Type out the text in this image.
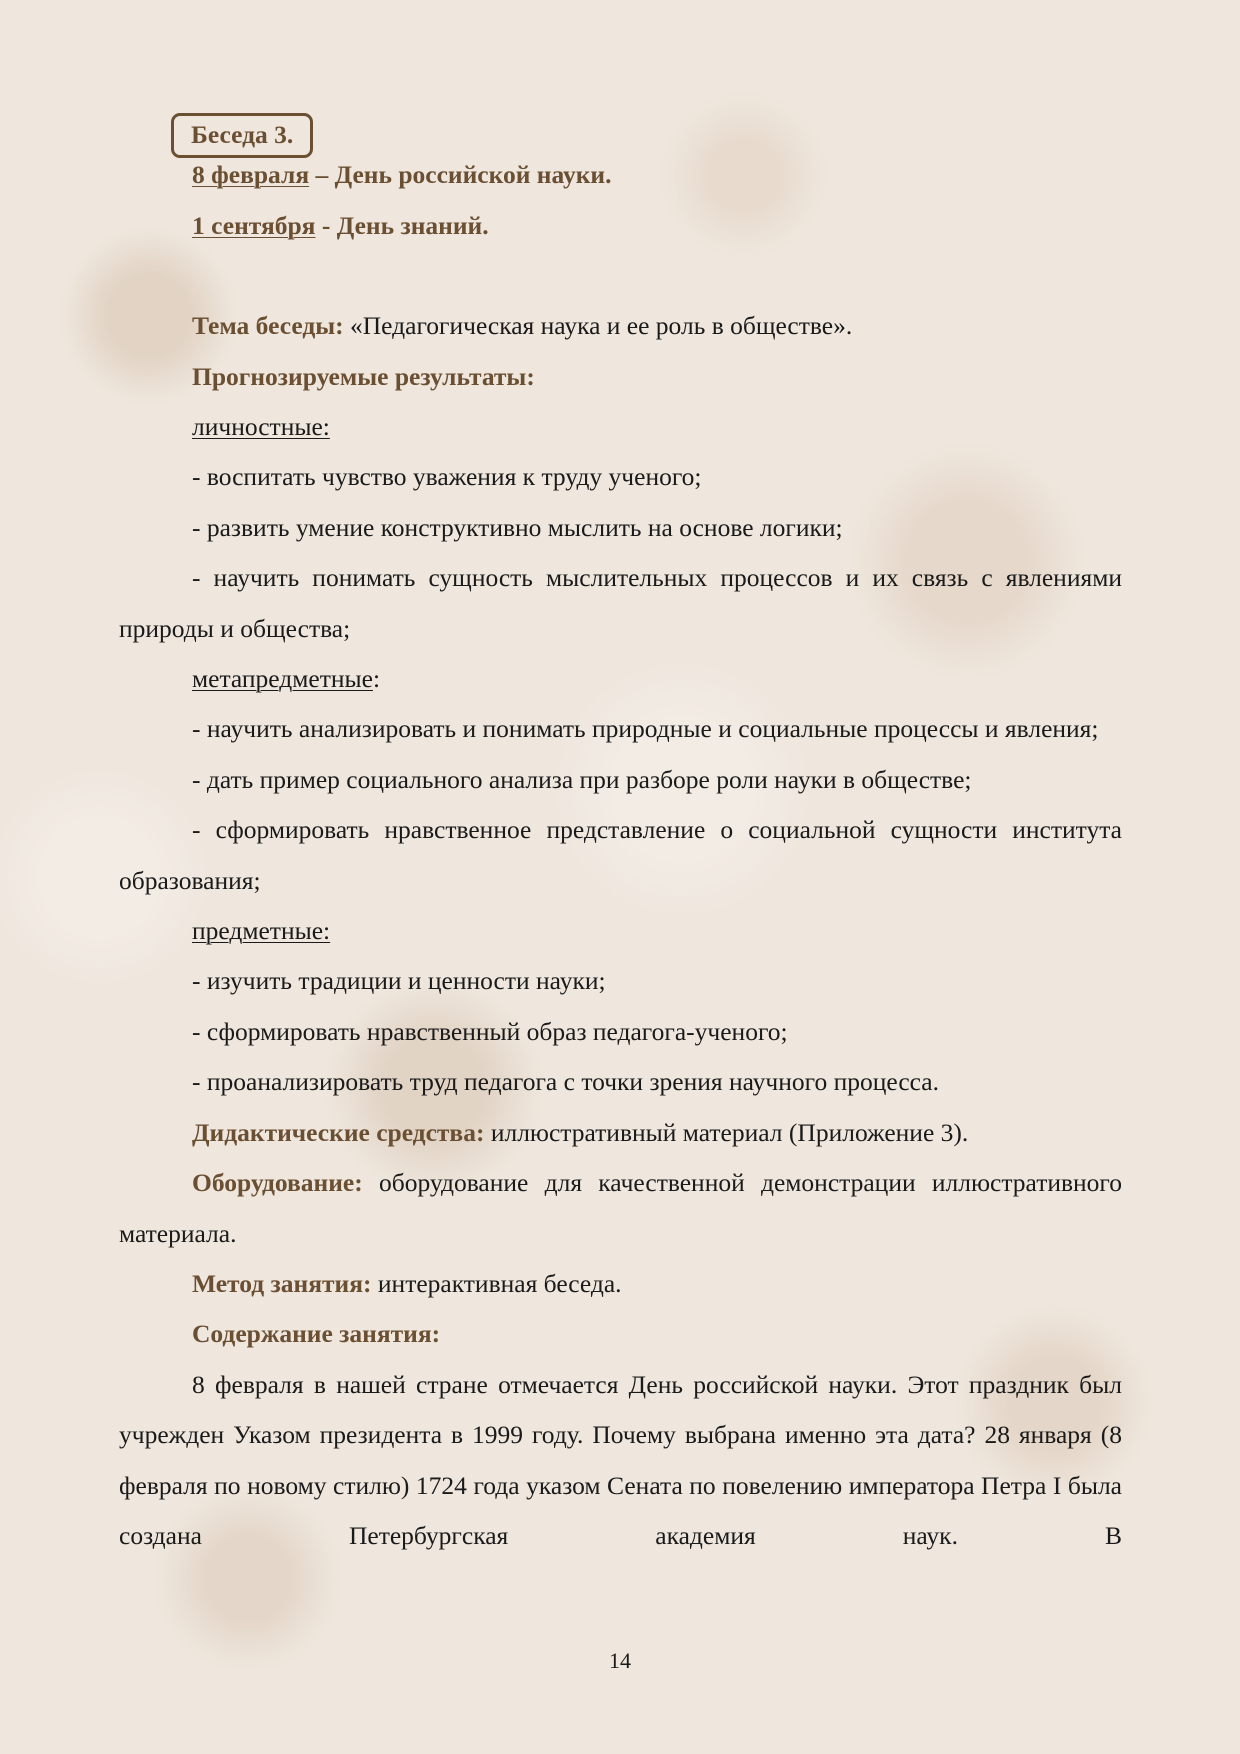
Беседа 3.

8 февраля – День российской науки.

1 сентября - День знаний.

Тема беседы: «Педагогическая наука и ее роль в обществе».

Прогнозируемые результаты:

личностные:

- воспитать чувство уважения к труду ученого;

- развить умение конструктивно мыслить на основе логики;

- научить понимать сущность мыслительных процессов и их связь с явлениями природы и общества;

метапредметные:

- научить анализировать и понимать природные и социальные процессы и явления;

- дать пример социального анализа при разборе роли науки в обществе;

- сформировать нравственное представление о социальной сущности института образования;

предметные:

- изучить традиции и ценности науки;

- сформировать нравственный образ педагога-ученого;

- проанализировать труд педагога с точки зрения научного процесса.

Дидактические средства: иллюстративный материал (Приложение 3).

Оборудование: оборудование для качественной демонстрации иллюстративного материала.

Метод занятия: интерактивная беседа.

Содержание занятия:

8 февраля в нашей стране отмечается День российской науки. Этот праздник был учрежден Указом президента в 1999 году. Почему выбрана именно эта дата? 28 января (8 февраля по новому стилю) 1724 года указом Сената по повелению императора Петра I была создана Петербургская академия наук. В

14
